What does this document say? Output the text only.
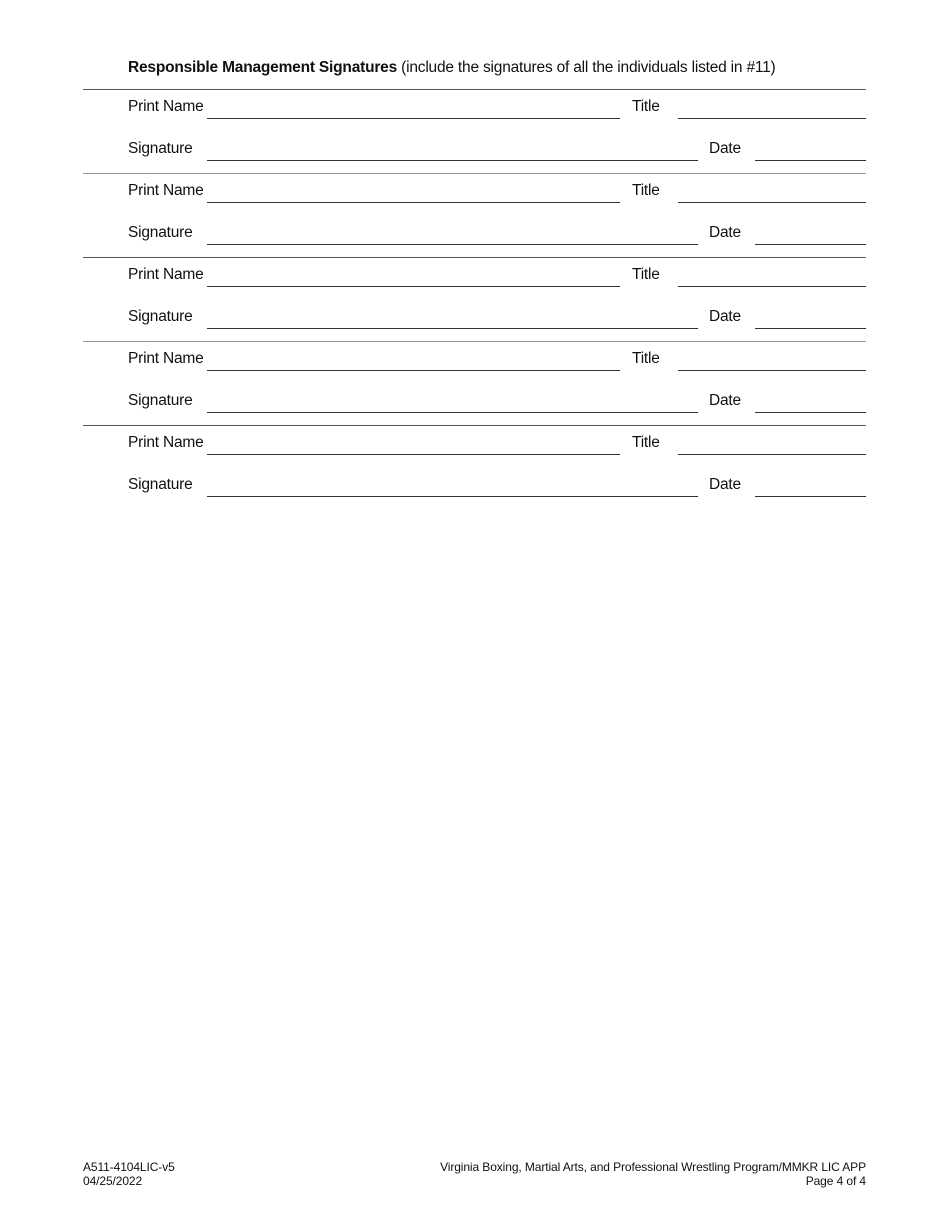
Responsible Management Signatures (include the signatures of all the individuals listed in #11)
Print Name	Title
Signature	Date
Print Name	Title
Signature	Date
Print Name	Title
Signature	Date
Print Name	Title
Signature	Date
Print Name	Title
Signature	Date
A511-4104LIC-v5
04/25/2022
Virginia Boxing, Martial Arts, and Professional Wrestling Program/MMKR LIC APP
Page 4 of 4
